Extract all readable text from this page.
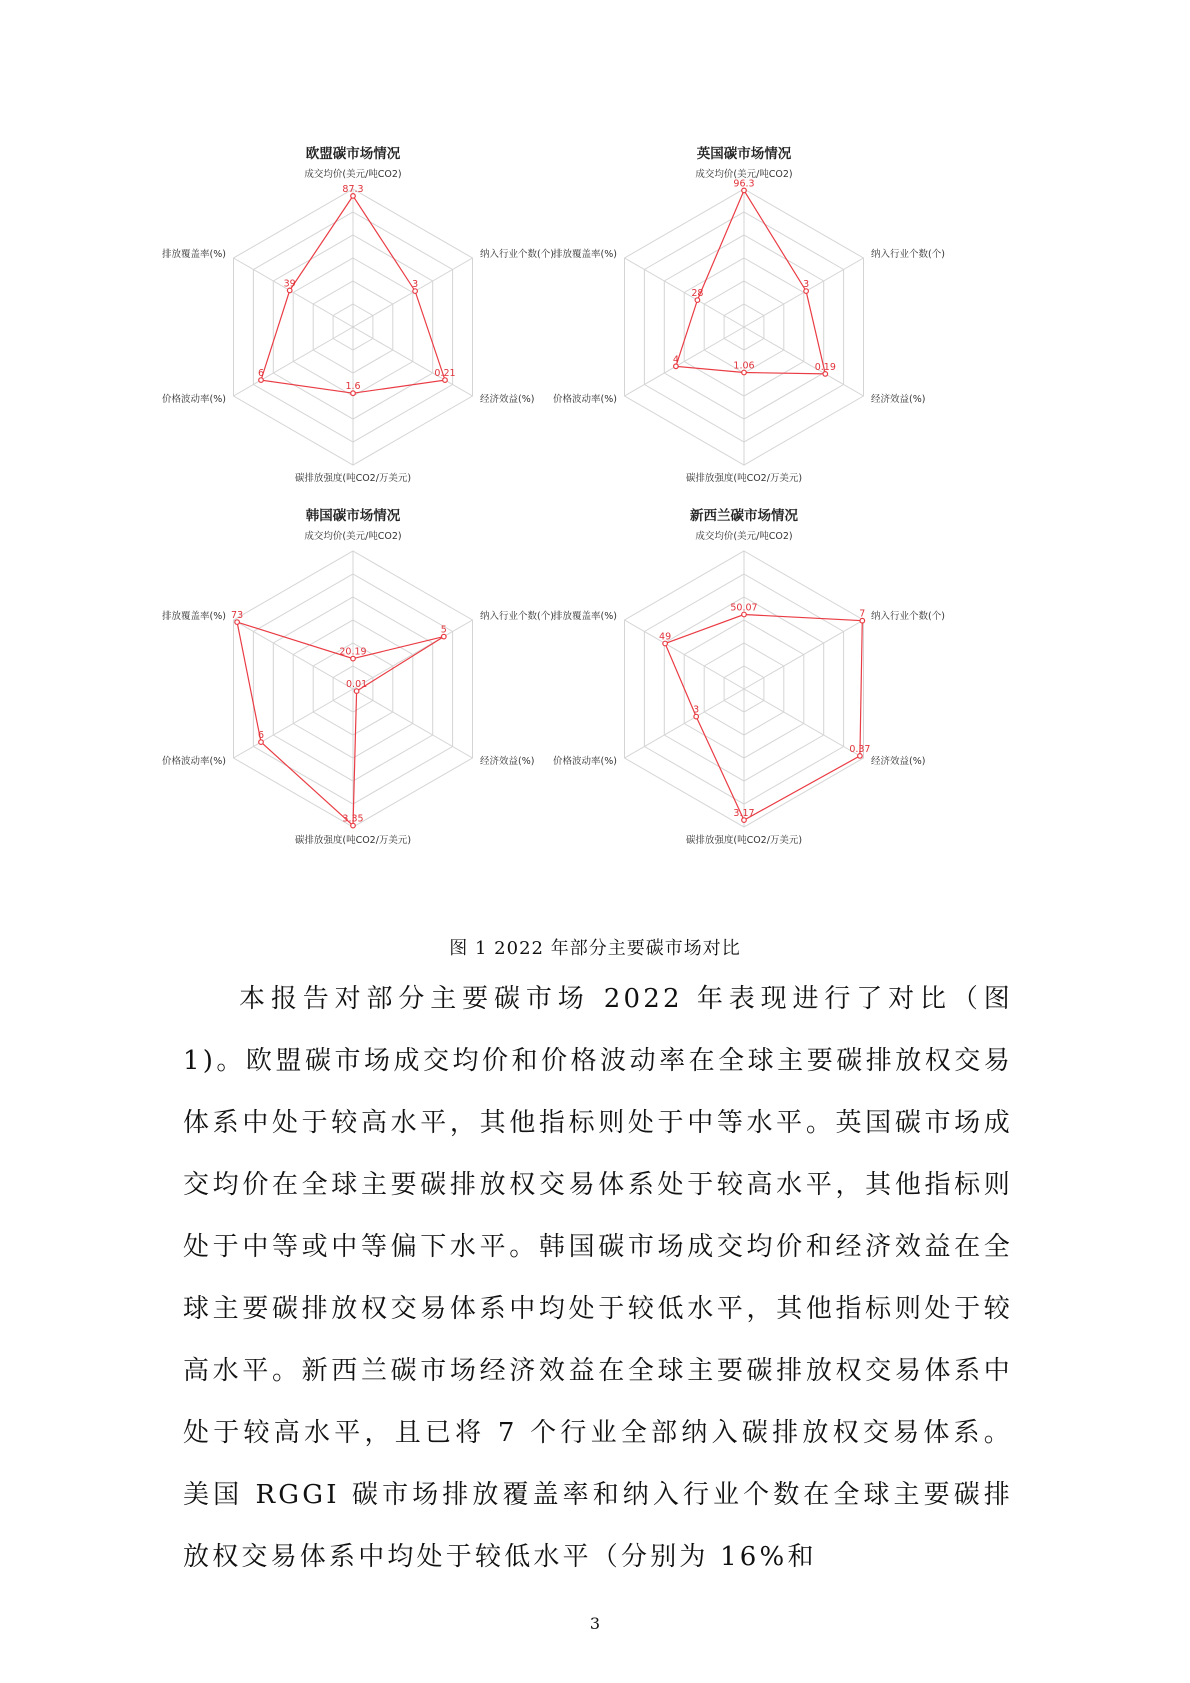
欧盟碳市场情况
成交均价(美元/吨CO2)
纳入行业个数(个)
经济效益(%)
碳排放强度(吨CO2/万美元)
价格波动率(%)
排放覆盖率(%)
87.3
3
0.21
1.6
6
39
英国碳市场情况
成交均价(美元/吨CO2)
纳入行业个数(个)
经济效益(%)
碳排放强度(吨CO2/万美元)
价格波动率(%)
排放覆盖率(%)
96.3
3
0.19
1.06
4
28
韩国碳市场情况
成交均价(美元/吨CO2)
纳入行业个数(个)
经济效益(%)
碳排放强度(吨CO2/万美元)
价格波动率(%)
排放覆盖率(%)
20.19
5
0.01
3.35
6
73
新西兰碳市场情况
成交均价(美元/吨CO2)
纳入行业个数(个)
经济效益(%)
碳排放强度(吨CO2/万美元)
价格波动率(%)
排放覆盖率(%)
50.07
7
0.37
3.17
3
49
图 1 2022 年部分主要碳市场对比

本报告对部分主要碳市场 2022 年表现进行了对比（图 1)。欧盟碳市场成交均价和价格波动率在全球主要碳排放权交易体系中处于较高水平，其他指标则处于中等水平。英国碳市场成交均价在全球主要碳排放权交易体系处于较高水平，其他指标则处于中等或中等偏下水平。韩国碳市场成交均价和经济效益在全球主要碳排放权交易体系中均处于较低水平，其他指标则处于较高水平。新西兰碳市场经济效益在全球主要碳排放权交易体系中处于较高水平，且已将 7 个行业全部纳入碳排放权交易体系。美国 RGGI 碳市场排放覆盖率和纳入行业个数在全球主要碳排放权交易体系中均处于较低水平（分别为 16%和

3
